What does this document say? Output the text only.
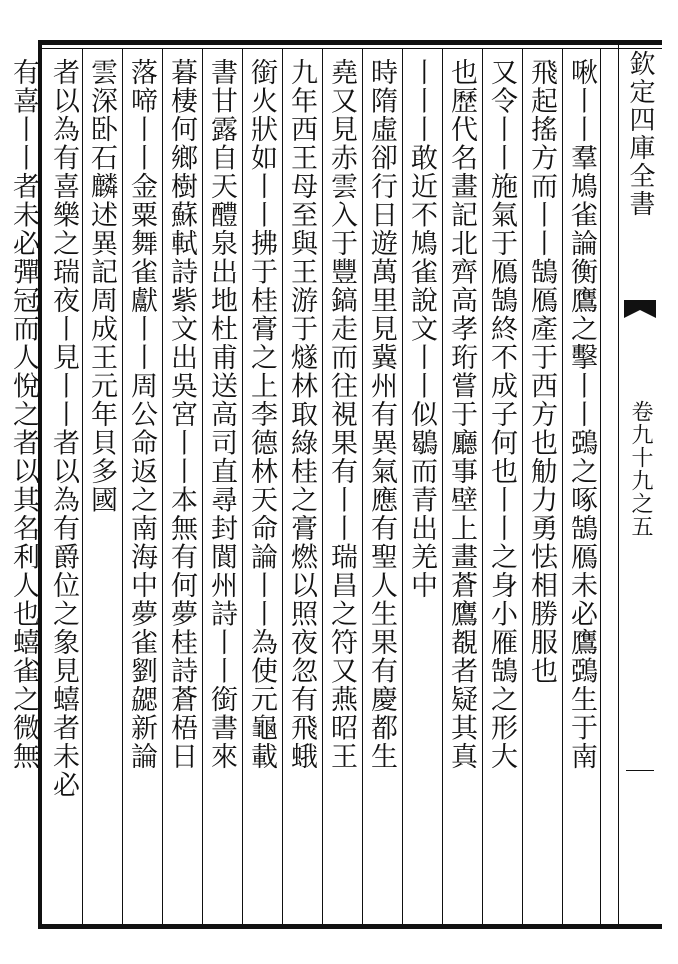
欽定四庫全書
卷九十九之五
啾丨丨羣鳩雀論衡鷹之擊丨丨鵶之啄鵠鴈未必鷹鵶生于南
飛起搖方而丨丨鵠鴈產于西方也觔力勇怯相勝服也
又令丨丨施氣于鴈鵠終不成子何也丨丨之身小雁鵠之形大
也歷代名畫記北齊高孝珩嘗于廳事壁上畫蒼鷹覩者疑其真
丨丨丨敢近不鳩雀說文丨丨似鶡而青出羌中
時隋虛卻行日遊萬里見冀州有異氣應有聖人生果有慶都生
堯又見赤雲入于豐鎬走而往視果有丨丨瑞昌之符又燕昭王
九年西王母至與王游于燧林取綠桂之膏燃以照夜忽有飛蛾
銜火狀如丨丨拂于桂膏之上李德林天命論丨丨為使元龜載
書甘露自天醴泉出地杜甫送高司直尋封閬州詩丨丨銜書來
暮棲何鄉樹蘇軾詩紫文出吳宮丨丨本無有何夢桂詩蒼梧日
落啼丨丨金粟舞雀獻丨丨周公命返之南海中夢雀劉勰新論
雲深卧石麟述異記周成王元年貝多國
者以為有喜樂之瑞夜丨見丨丨者以為有爵位之象見蟢者未必
有喜丨丨者未必彈冠而人悅之者以其名利人也蟢雀之微無
